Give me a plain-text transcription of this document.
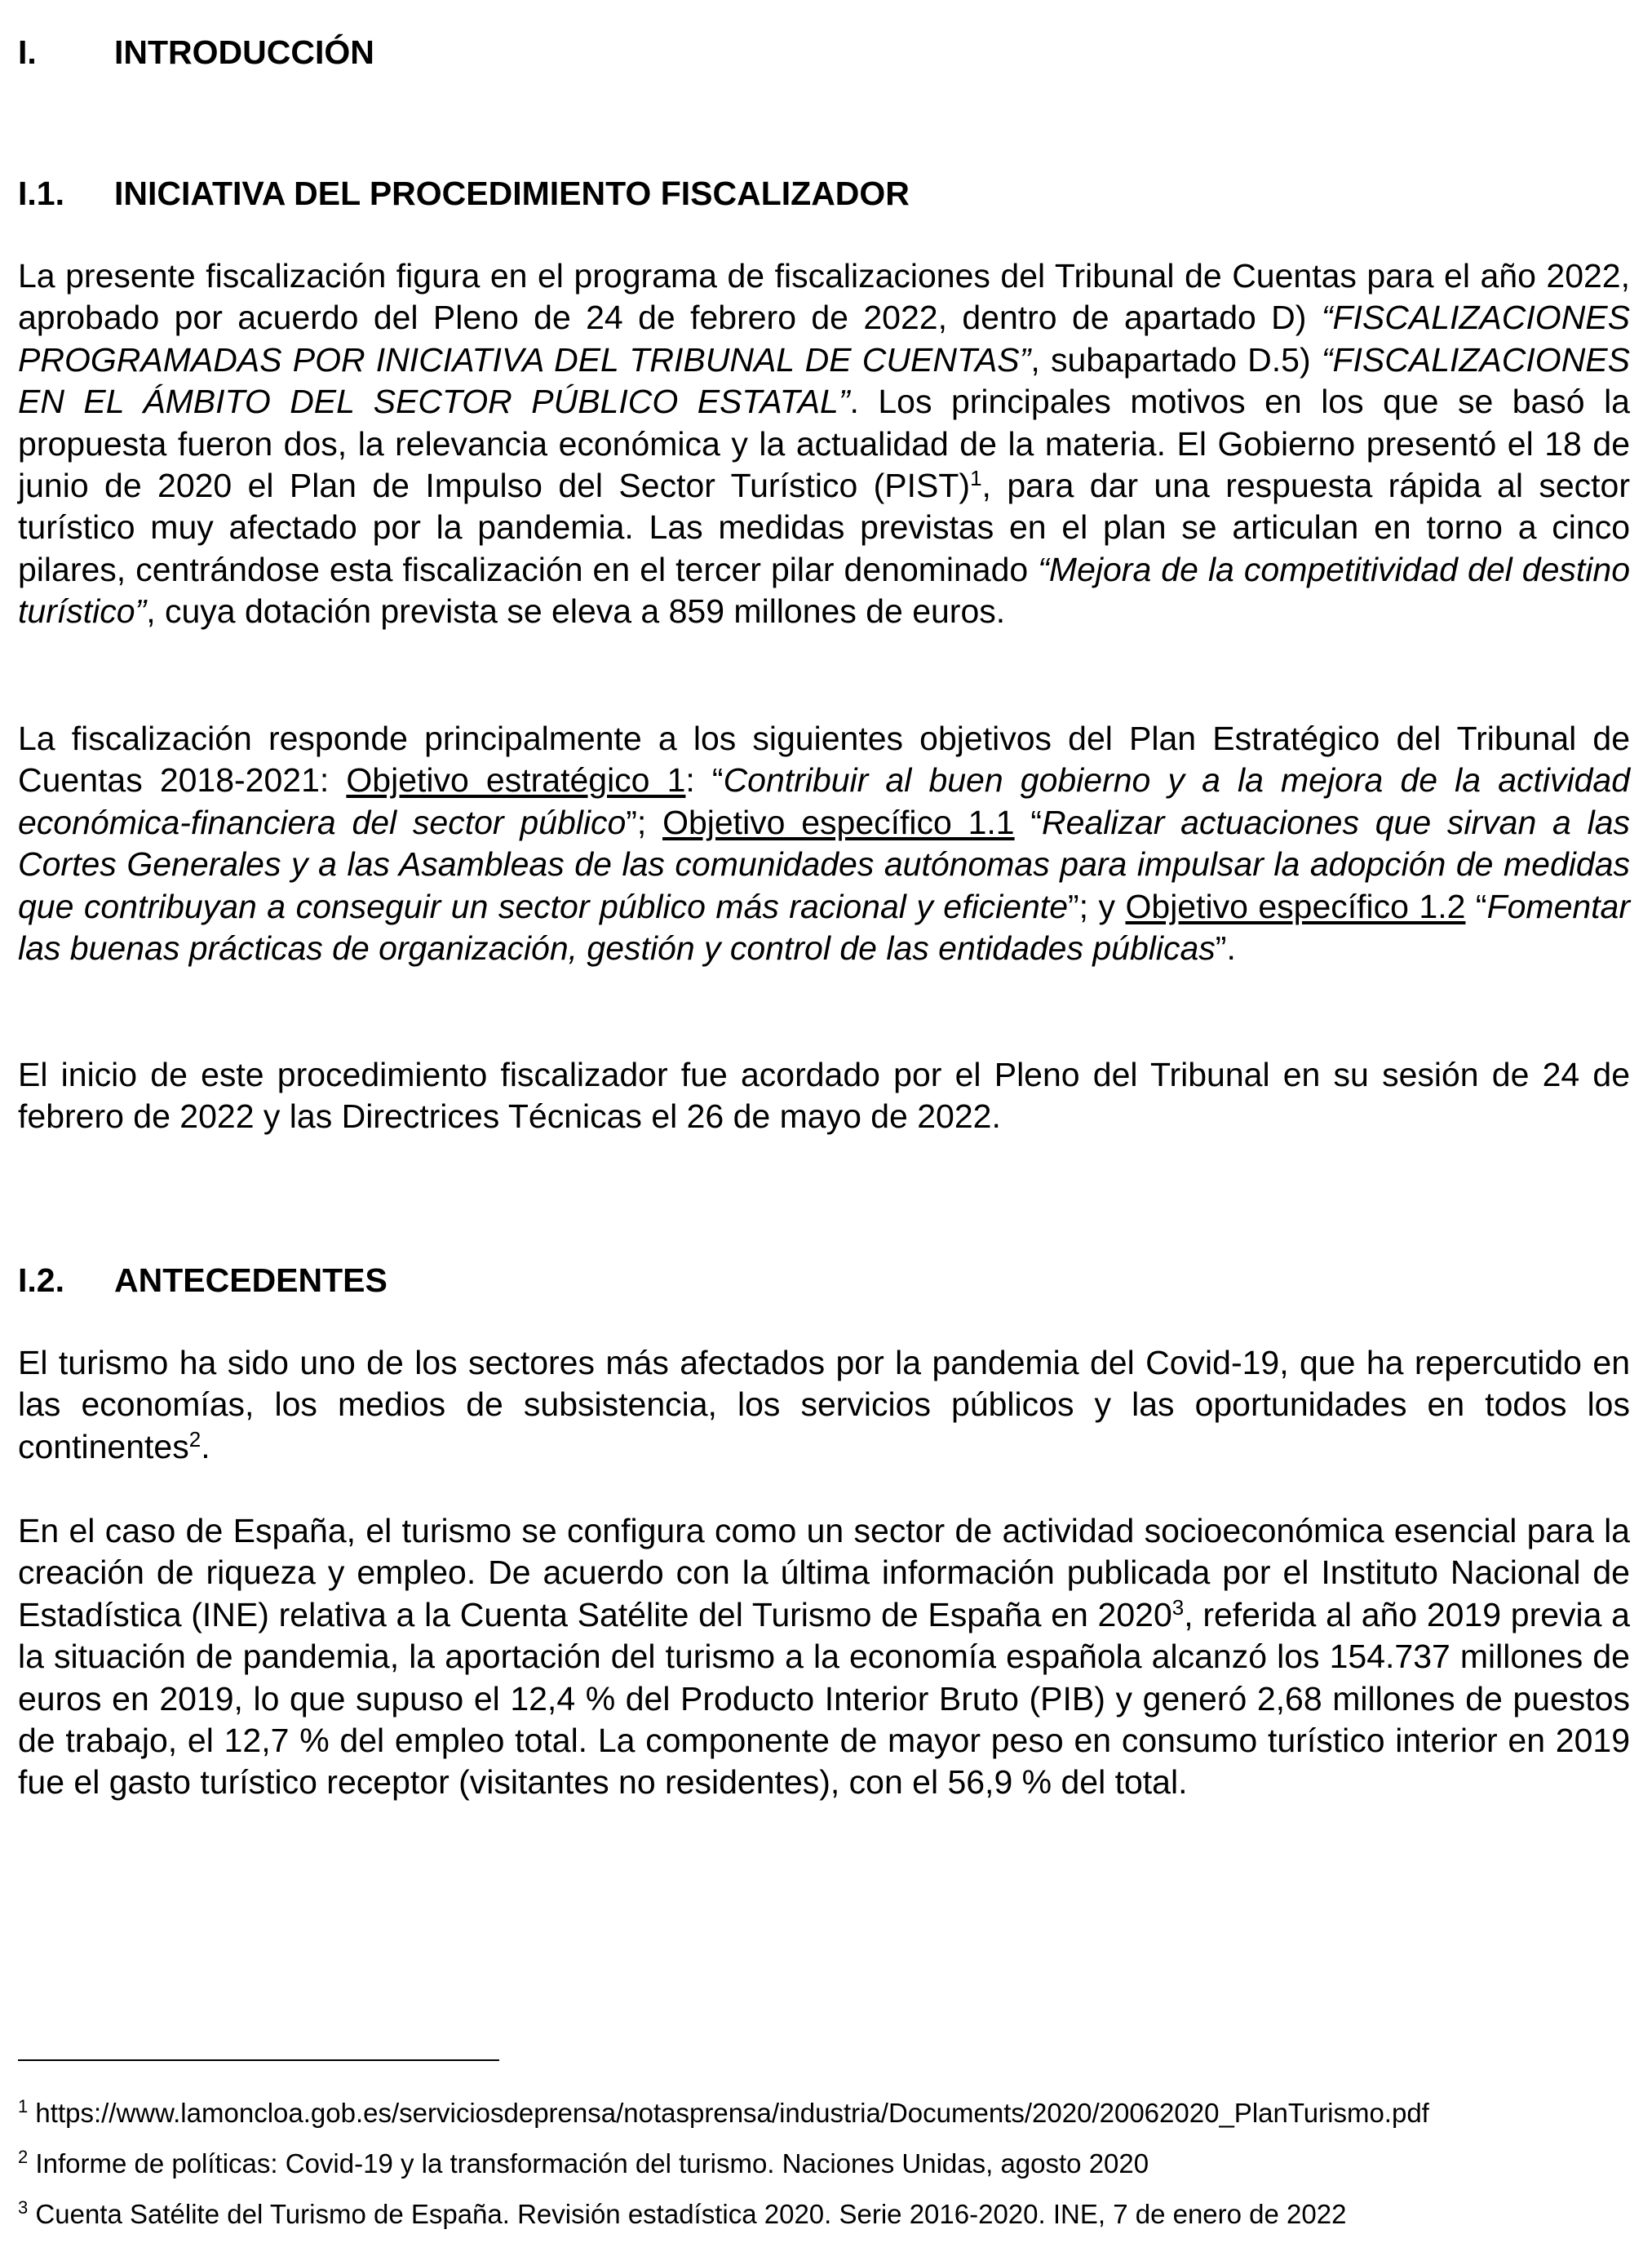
I. INTRODUCCIÓN
I.1. INICIATIVA DEL PROCEDIMIENTO FISCALIZADOR

La presente fiscalización figura en el programa de fiscalizaciones del Tribunal de Cuentas para el año 2022, aprobado por acuerdo del Pleno de 24 de febrero de 2022, dentro de apartado D) “FISCALIZACIONES PROGRAMADAS POR INICIATIVA DEL TRIBUNAL DE CUENTAS”, subapartado D.5) “FISCALIZACIONES EN EL ÁMBITO DEL SECTOR PÚBLICO ESTATAL”. Los principales motivos en los que se basó la propuesta fueron dos, la relevancia económica y la actualidad de la materia. El Gobierno presentó el 18 de junio de 2020 el Plan de Impulso del Sector Turístico (PIST)$^1$, para dar una respuesta rápida al sector turístico muy afectado por la pandemia. Las medidas previstas en el plan se articulan en torno a cinco pilares, centrándose esta fiscalización en el tercer pilar denominado “Mejora de la competitividad del destino turístico”, cuya dotación prevista se eleva a 859 millones de euros.

La fiscalización responde principalmente a los siguientes objetivos del Plan Estratégico del Tribunal de Cuentas 2018-2021: Objetivo estratégico 1: “Contribuir al buen gobierno y a la mejora de la actividad económica-financiera del sector público”; Objetivo específico 1.1 “Realizar actuaciones que sirvan a las Cortes Generales y a las Asambleas de las comunidades autónomas para impulsar la adopción de medidas que contribuyan a conseguir un sector público más racional y eficiente”; y Objetivo específico 1.2 “Fomentar las buenas prácticas de organización, gestión y control de las entidades públicas”.

El inicio de este procedimiento fiscalizador fue acordado por el Pleno del Tribunal en su sesión de 24 de febrero de 2022 y las Directrices Técnicas el 26 de mayo de 2022.

I.2. ANTECEDENTES

El turismo ha sido uno de los sectores más afectados por la pandemia del Covid-19, que ha repercutido en las economías, los medios de subsistencia, los servicios públicos y las oportunidades en todos los continentes$^2$.

En el caso de España, el turismo se configura como un sector de actividad socioeconómica esencial para la creación de riqueza y empleo. De acuerdo con la última información publicada por el Instituto Nacional de Estadística (INE) relativa a la Cuenta Satélite del Turismo de España en 2020$^3$, referida al año 2019 previa a la situación de pandemia, la aportación del turismo a la economía española alcanzó los 154.737 millones de euros en 2019, lo que supuso el 12,4 % del Producto Interior Bruto (PIB) y generó 2,68 millones de puestos de trabajo, el 12,7 % del empleo total. La componente de mayor peso en consumo turístico interior en 2019 fue el gasto turístico receptor (visitantes no residentes), con el 56,9 % del total.

$^1$ https://www.lamoncloa.gob.es/serviciosdeprensa/notasprensa/industria/Documents/2020/20062020_PlanTurismo.pdf

$^2$ Informe de políticas: Covid-19 y la transformación del turismo. Naciones Unidas, agosto 2020

$^3$ Cuenta Satélite del Turismo de España. Revisión estadística 2020. Serie 2016-2020. INE, 7 de enero de 2022
